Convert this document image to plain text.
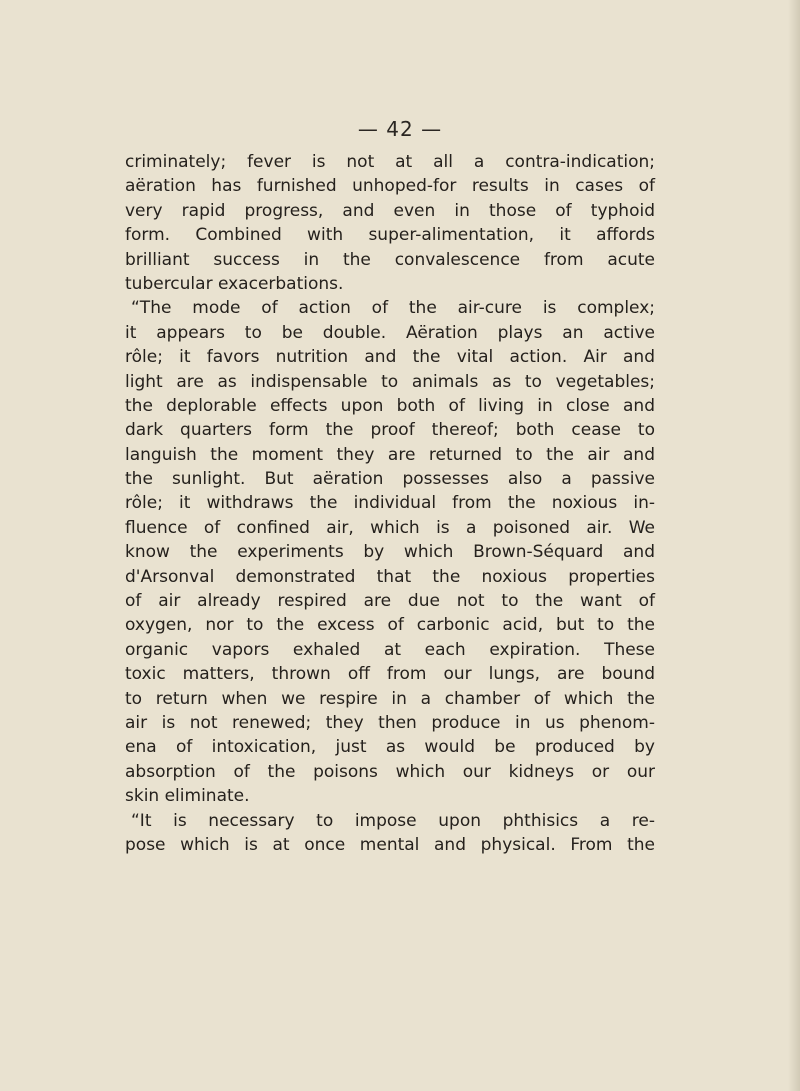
— 42 —
criminately; fever is not at all a contra-indication;
aëration has furnished unhoped-for results in cases of
very rapid progress, and even in those of typhoid
form. Combined with super-alimentation, it affords
brilliant success in the convalescence from acute
tubercular exacerbations.
“The mode of action of the air-cure is complex;
it appears to be double. Aëration plays an active
rôle; it favors nutrition and the vital action. Air and
light are as indispensable to animals as to vegetables;
the deplorable effects upon both of living in close and
dark quarters form the proof thereof; both cease to
languish the moment they are returned to the air and
the sunlight. But aëration possesses also a passive
rôle; it withdraws the individual from the noxious in-
fluence of confined air, which is a poisoned air. We
know the experiments by which Brown-Séquard and
d'Arsonval demonstrated that the noxious properties
of air already respired are due not to the want of
oxygen, nor to the excess of carbonic acid, but to the
organic vapors exhaled at each expiration. These
toxic matters, thrown off from our lungs, are bound
to return when we respire in a chamber of which the
air is not renewed; they then produce in us phenom-
ena of intoxication, just as would be produced by
absorption of the poisons which our kidneys or our
skin eliminate.
“It is necessary to impose upon phthisics a re-
pose which is at once mental and physical. From the
